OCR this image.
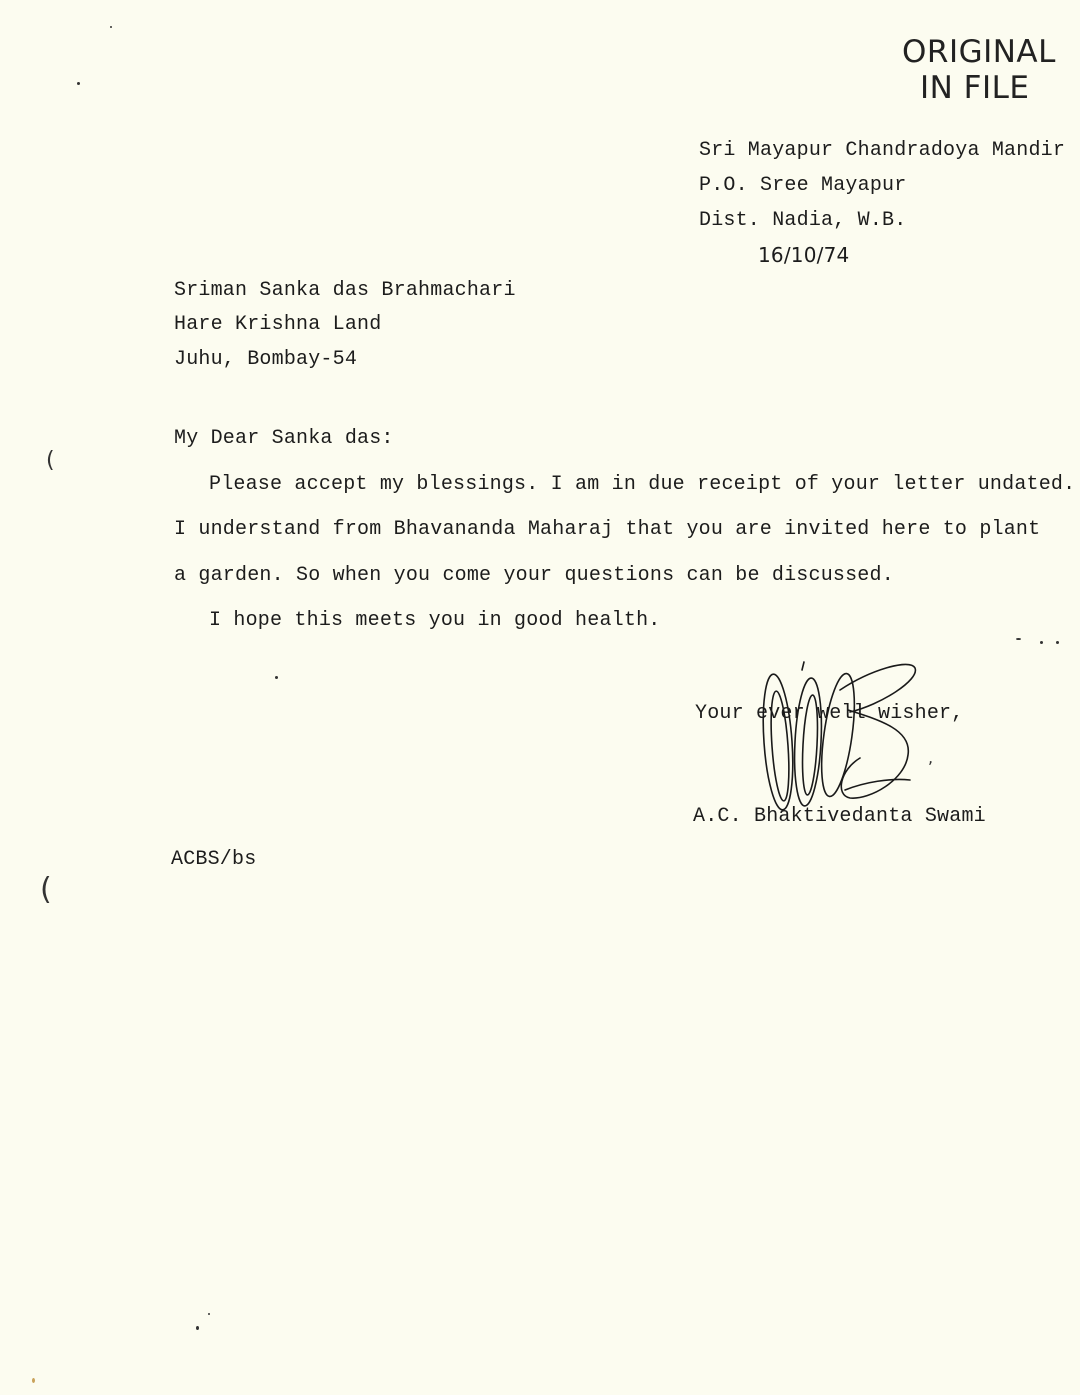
ORIGINAL
IN FILE
Sri Mayapur Chandradoya Mandir
P.O. Sree Mayapur
Dist. Nadia, W.B.
16/10/74
Sriman Sanka das Brahmachari
Hare Krishna Land
Juhu, Bombay-54
My Dear Sanka das:
Please accept my blessings. I am in due receipt of your letter undated.
I understand from Bhavananda Maharaj that you are invited here to plant
a garden. So when you come your questions can be discussed.
I hope this meets you in good health.
Your ever well wisher,
A.C. Bhaktivedanta Swami
ACBS/bs
(
(
,
